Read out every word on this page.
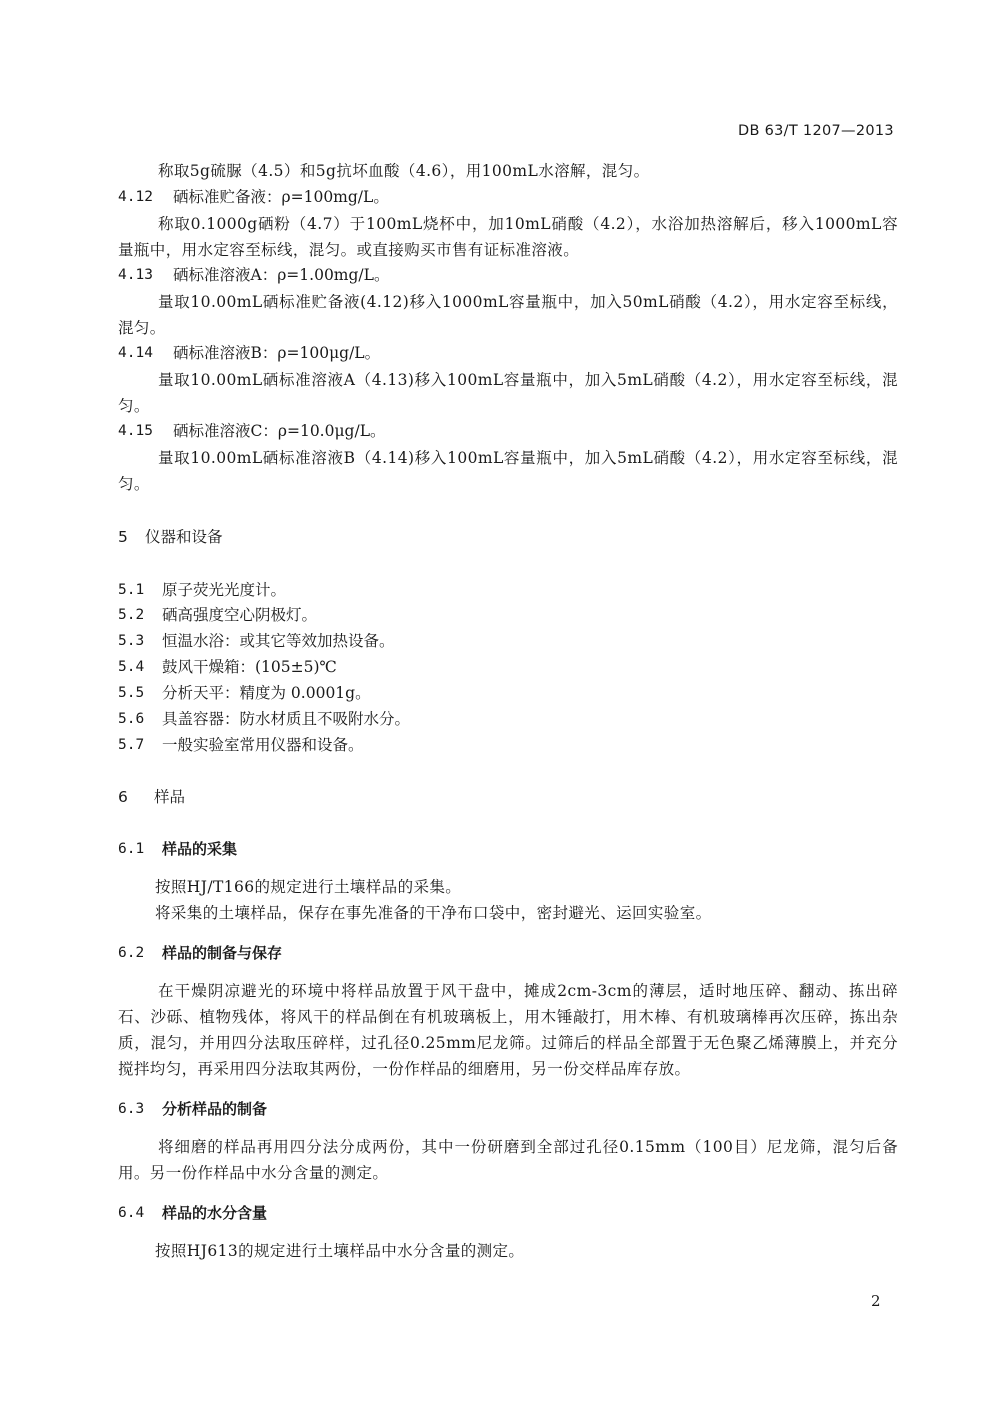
DB 63/T 1207—2013
称取5g硫脲（4.5）和5g抗坏血酸（4.6），用100mL水溶解，混匀。
4.12 硒标准贮备液：ρ=100mg/L。
称取0.1000g硒粉（4.7）于100mL烧杯中，加10mL硝酸（4.2），水浴加热溶解后，移入1000mL容量瓶中，用水定容至标线，混匀。或直接购买市售有证标准溶液。
4.13 硒标准溶液A：ρ=1.00mg/L。
量取10.00mL硒标准贮备液(4.12)移入1000mL容量瓶中，加入50mL硝酸（4.2），用水定容至标线，混匀。
4.14 硒标准溶液B：ρ=100μg/L。
量取10.00mL硒标准溶液A（4.13)移入100mL容量瓶中，加入5mL硝酸（4.2），用水定容至标线，混匀。
4.15 硒标准溶液C：ρ=10.0μg/L。
量取10.00mL硒标准溶液B（4.14)移入100mL容量瓶中，加入5mL硝酸（4.2），用水定容至标线，混匀。
5 仪器和设备
5.1 原子荧光光度计。
5.2 硒高强度空心阴极灯。
5.3 恒温水浴：或其它等效加热设备。
5.4 鼓风干燥箱：(105±5)℃
5.5 分析天平：精度为 0.0001g。
5.6 具盖容器：防水材质且不吸附水分。
5.7 一般实验室常用仪器和设备。
6 样品
6.1 样品的采集
按照HJ/T166的规定进行土壤样品的采集。
将采集的土壤样品，保存在事先准备的干净布口袋中，密封避光、运回实验室。
6.2 样品的制备与保存
在干燥阴凉避光的环境中将样品放置于风干盘中，摊成2cm-3cm的薄层，适时地压碎、翻动、拣出碎石、沙砾、植物残体，将风干的样品倒在有机玻璃板上，用木锤敲打，用木棒、有机玻璃棒再次压碎，拣出杂质，混匀，并用四分法取压碎样，过孔径0.25mm尼龙筛。过筛后的样品全部置于无色聚乙烯薄膜上，并充分搅拌均匀，再采用四分法取其两份，一份作样品的细磨用，另一份交样品库存放。
6.3 分析样品的制备
将细磨的样品再用四分法分成两份，其中一份研磨到全部过孔径0.15mm（100目）尼龙筛，混匀后备用。另一份作样品中水分含量的测定。
6.4 样品的水分含量
按照HJ613的规定进行土壤样品中水分含量的测定。
2
